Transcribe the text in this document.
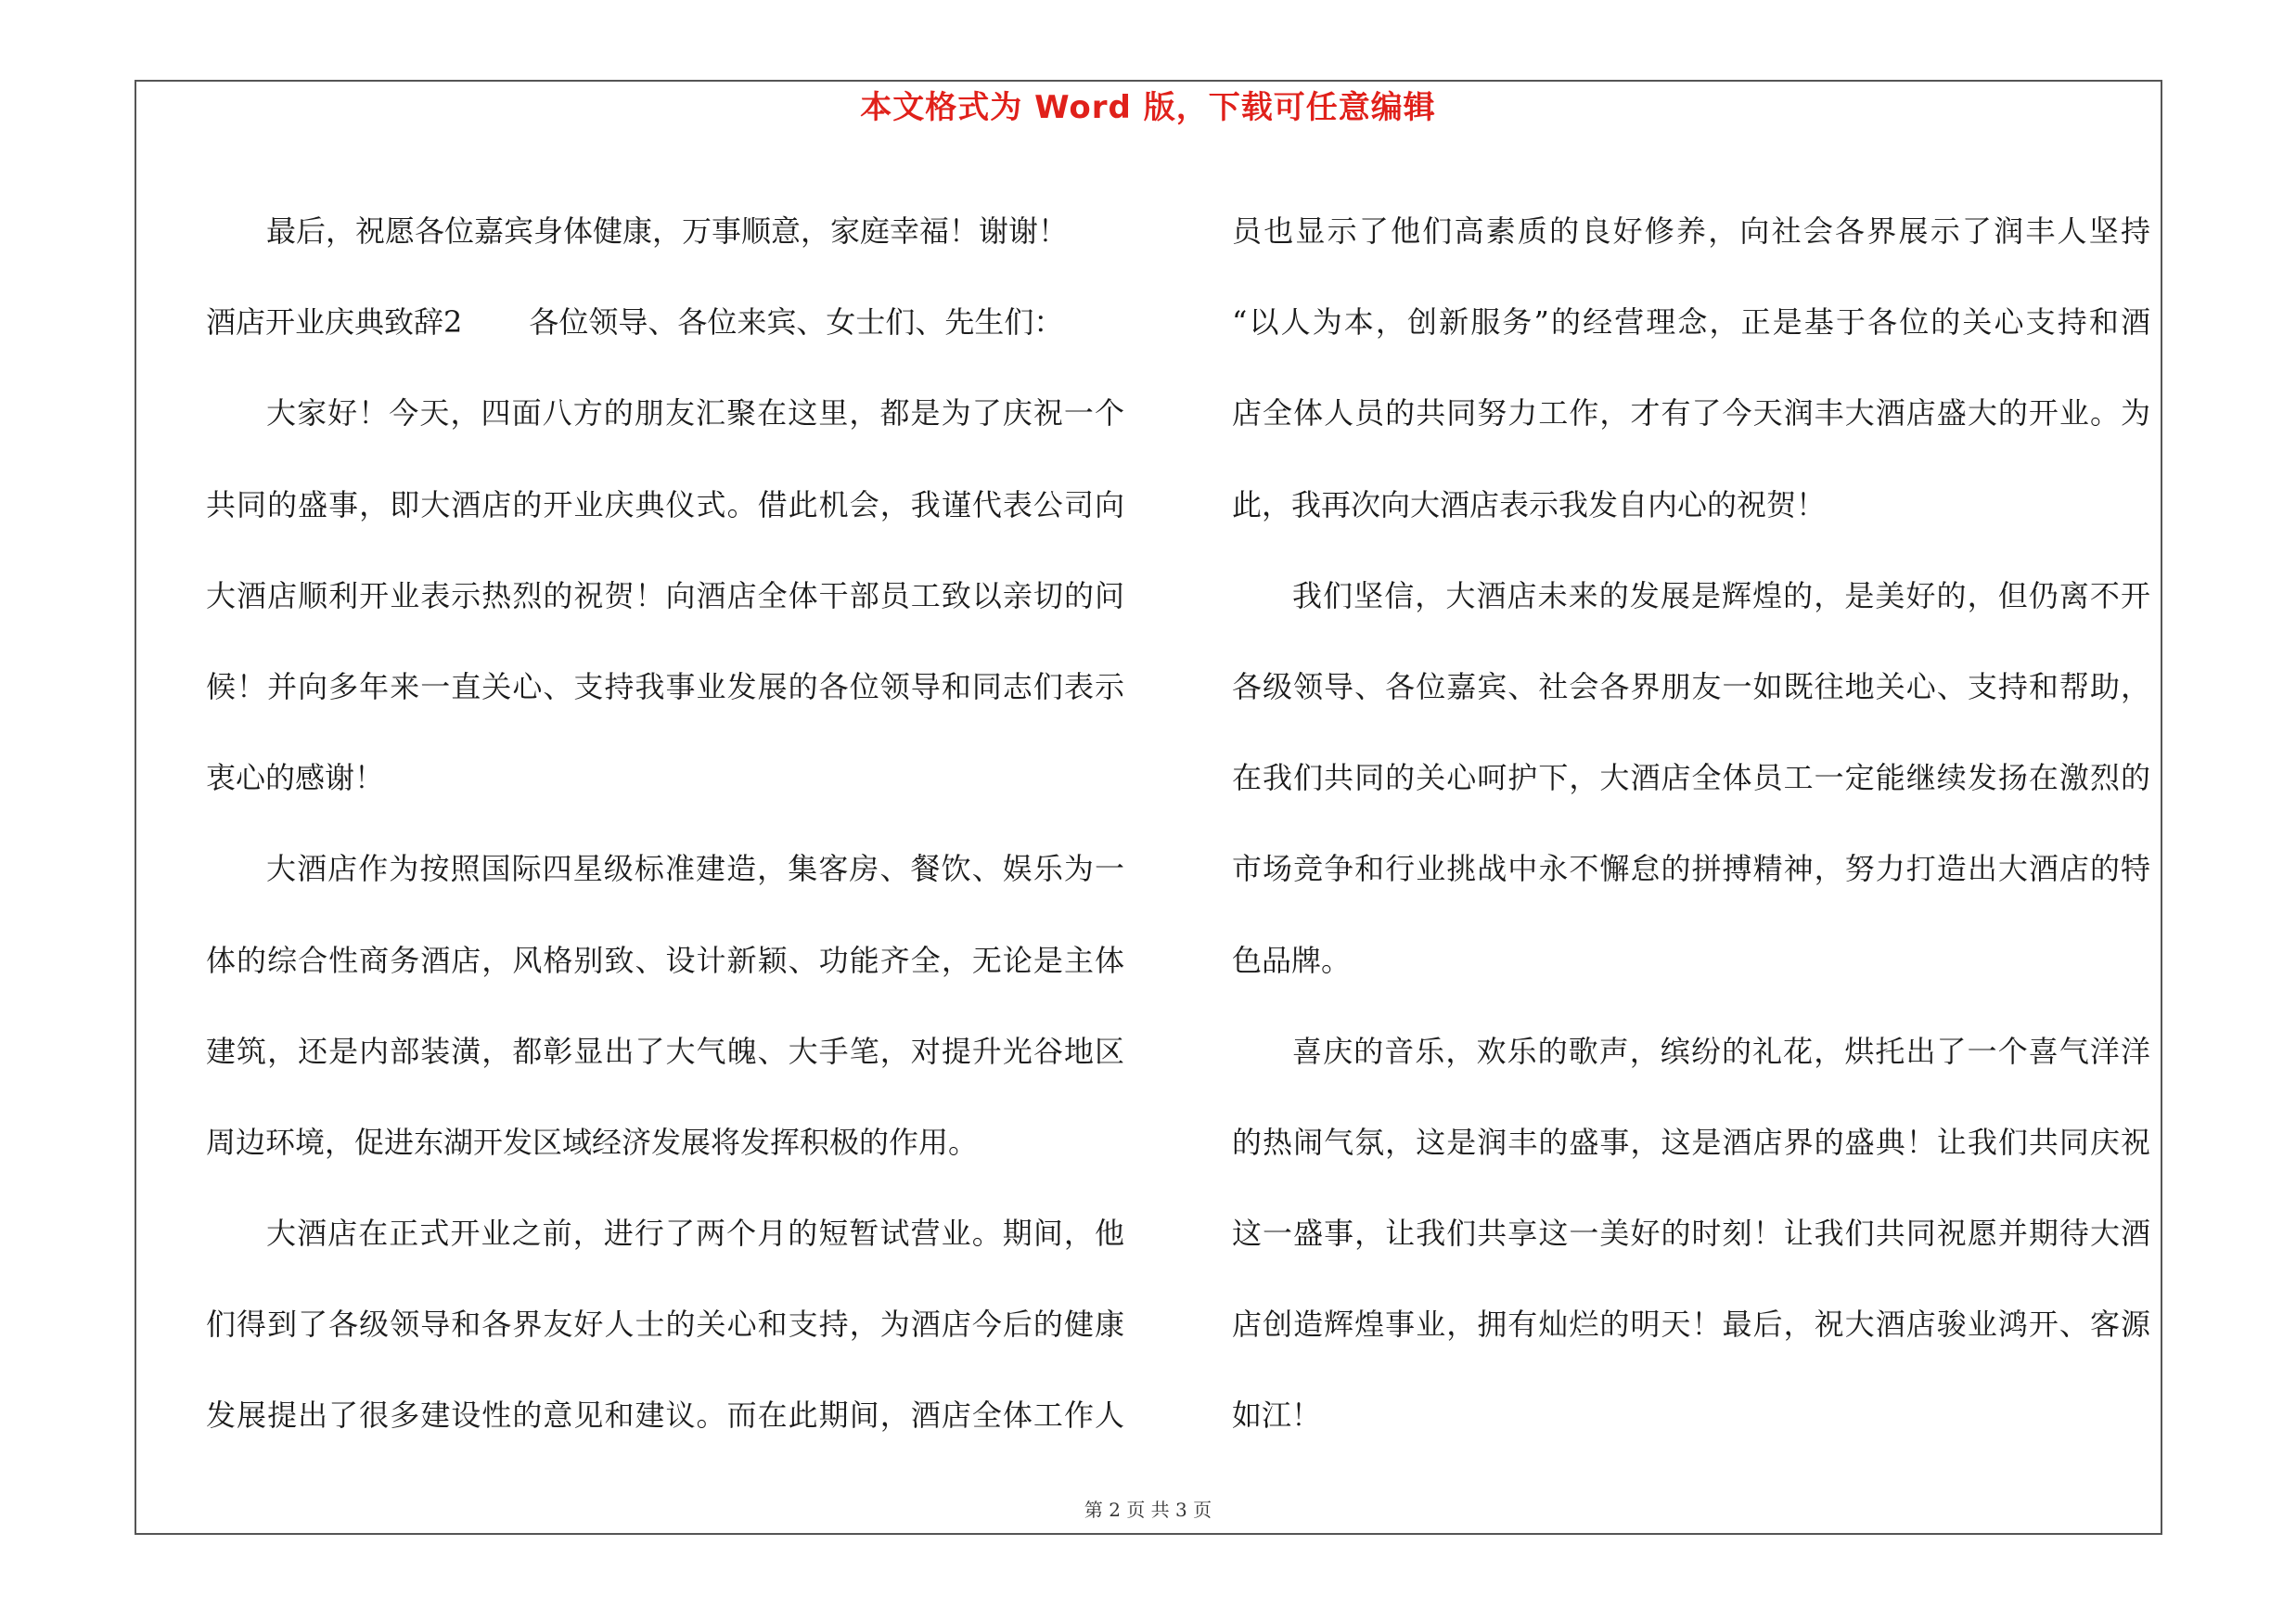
本文格式为 Word 版，下载可任意编辑
最后，祝愿各位嘉宾身体健康，万事顺意，家庭幸福！谢谢！
酒店开业庆典致辞2 各位领导、各位来宾、女士们、先生们：
大家好！今天，四面八方的朋友汇聚在这里，都是为了庆祝一个
共同的盛事，即大酒店的开业庆典仪式。借此机会，我谨代表公司向
大酒店顺利开业表示热烈的祝贺！向酒店全体干部员工致以亲切的问
候！并向多年来一直关心、支持我事业发展的各位领导和同志们表示
衷心的感谢！
大酒店作为按照国际四星级标准建造，集客房、餐饮、娱乐为一
体的综合性商务酒店，风格别致、设计新颖、功能齐全，无论是主体
建筑，还是内部装潢，都彰显出了大气魄、大手笔，对提升光谷地区
周边环境，促进东湖开发区域经济发展将发挥积极的作用。
大酒店在正式开业之前，进行了两个月的短暂试营业。期间，他
们得到了各级领导和各界友好人士的关心和支持，为酒店今后的健康
发展提出了很多建设性的意见和建议。而在此期间，酒店全体工作人
员也显示了他们高素质的良好修养，向社会各界展示了润丰人坚持
“以人为本，创新服务”的经营理念，正是基于各位的关心支持和酒
店全体人员的共同努力工作，才有了今天润丰大酒店盛大的开业。为
此，我再次向大酒店表示我发自内心的祝贺！
我们坚信，大酒店未来的发展是辉煌的，是美好的，但仍离不开
各级领导、各位嘉宾、社会各界朋友一如既往地关心、支持和帮助，
在我们共同的关心呵护下，大酒店全体员工一定能继续发扬在激烈的
市场竞争和行业挑战中永不懈怠的拼搏精神，努力打造出大酒店的特
色品牌。
喜庆的音乐，欢乐的歌声，缤纷的礼花，烘托出了一个喜气洋洋
的热闹气氛，这是润丰的盛事，这是酒店界的盛典！让我们共同庆祝
这一盛事，让我们共享这一美好的时刻！让我们共同祝愿并期待大酒
店创造辉煌事业，拥有灿烂的明天！最后，祝大酒店骏业鸿开、客源
如江！
第 2 页 共 3 页
